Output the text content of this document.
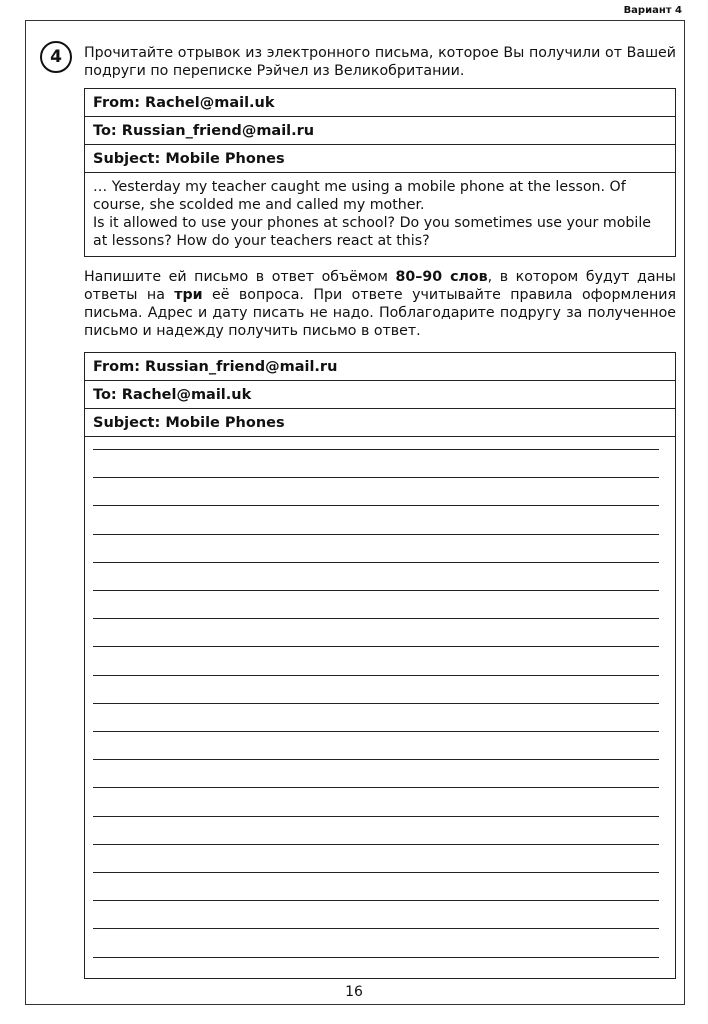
Вариант 4
4	Прочитайте отрывок из электронного письма, которое Вы получили от Вашей подруги по переписке Рэйчел из Великобритании.
From: Rachel@mail.uk
To: Russian_friend@mail.ru
Subject: Mobile Phones
… Yesterday my teacher caught me using a mobile phone at the lesson. Of course, she scolded me and called my mother.
Is it allowed to use your phones at school? Do you sometimes use your mobile at lessons? How do your teachers react at this?
Напишите ей письмо в ответ объёмом 80–90 слов, в котором будут даны ответы на три её вопроса. При ответе учитывайте правила оформления письма. Адрес и дату писать не надо. Поблагодарите подругу за полученное письмо и надежду получить письмо в ответ.
From: Russian_friend@mail.ru
To: Rachel@mail.uk
Subject: Mobile Phones
16
